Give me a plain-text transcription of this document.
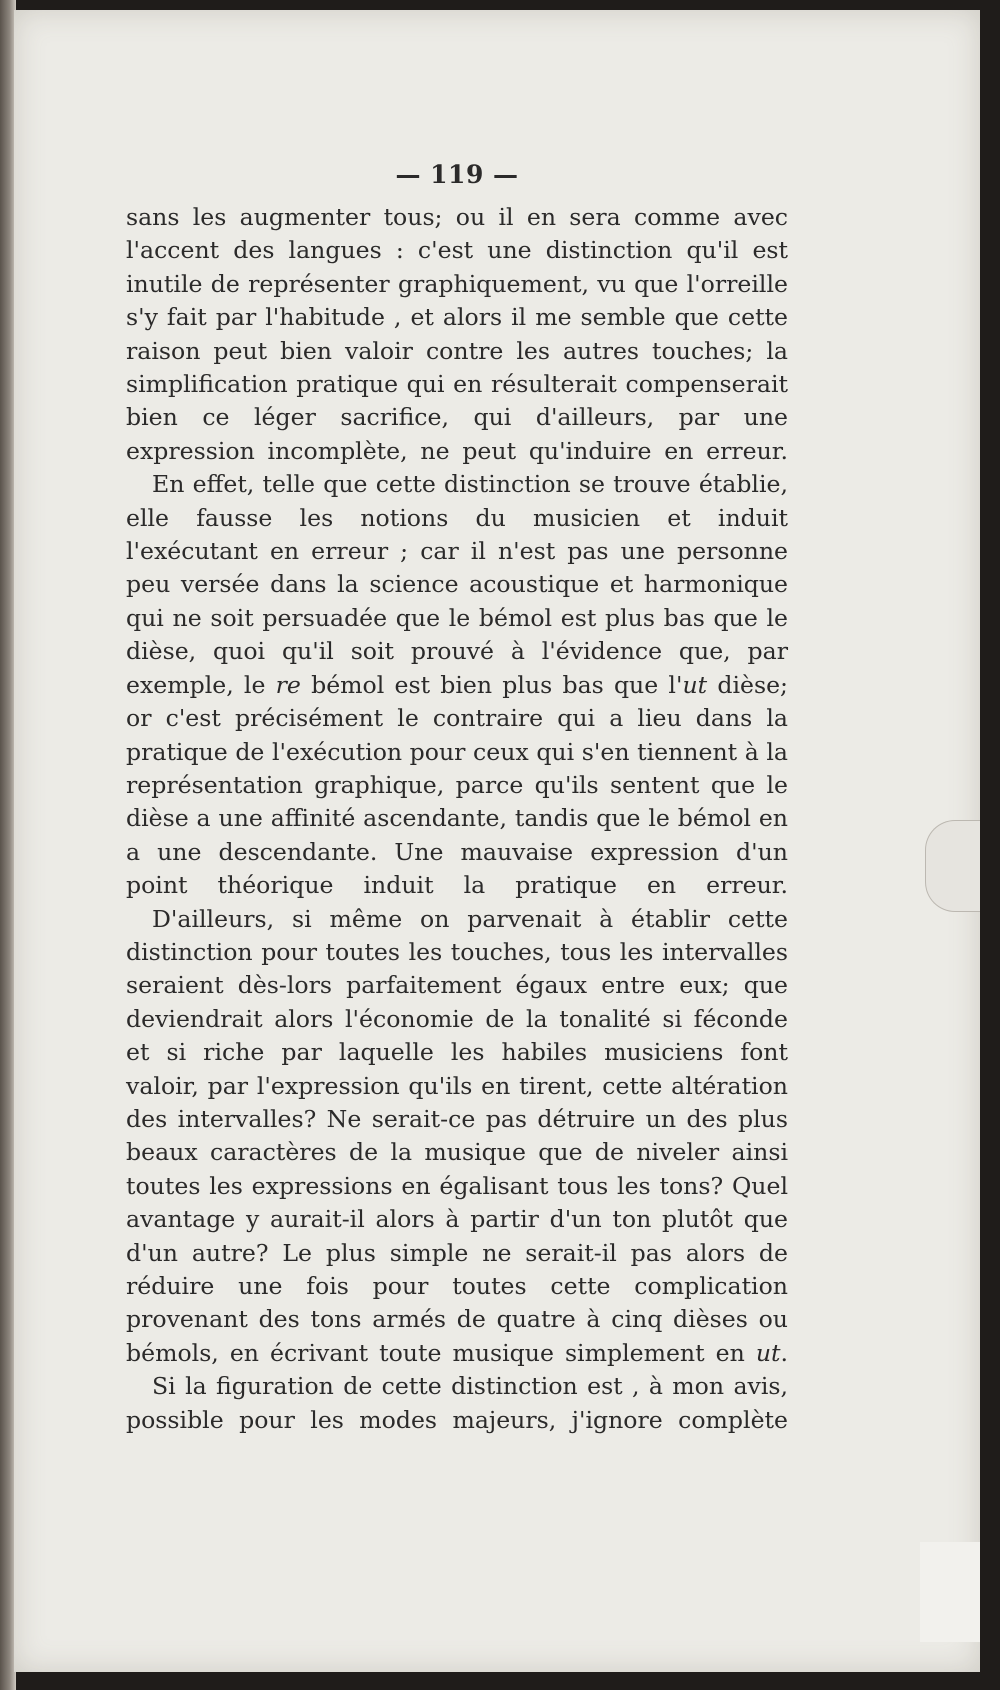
— 119 —

sans les augmenter tous; ou il en sera comme avec l'accent des langues : c'est une distinction qu'il est inutile de représenter graphiquement, vu que l'orreille s'y fait par l'habitude , et alors il me semble que cette raison peut bien valoir contre les autres touches; la simplification pratique qui en résulterait compenserait bien ce léger sacrifice, qui d'ailleurs, par une expression incomplète, ne peut qu'induire en erreur.

En effet, telle que cette distinction se trouve établie, elle fausse les notions du musicien et induit l'exécutant en erreur ; car il n'est pas une personne peu versée dans la science acoustique et harmonique qui ne soit persuadée que le bémol est plus bas que le dièse, quoi qu'il soit prouvé à l'évidence que, par exemple, le re bémol est bien plus bas que l'ut dièse; or c'est précisément le contraire qui a lieu dans la pratique de l'exécution pour ceux qui s'en tiennent à la représentation graphique, parce qu'ils sentent que le dièse a une affinité ascendante, tandis que le bémol en a une descendante. Une mauvaise expression d'un point théorique induit la pratique en erreur.

D'ailleurs, si même on parvenait à établir cette distinction pour toutes les touches, tous les intervalles seraient dès-lors parfaitement égaux entre eux; que deviendrait alors l'économie de la tonalité si féconde et si riche par laquelle les habiles musiciens font valoir, par l'expression qu'ils en tirent, cette altération des intervalles? Ne serait-ce pas détruire un des plus beaux caractères de la musique que de niveler ainsi toutes les expressions en égalisant tous les tons? Quel avantage y aurait-il alors à partir d'un ton plutôt que d'un autre? Le plus simple ne serait-il pas alors de réduire une fois pour toutes cette complication provenant des tons armés de quatre à cinq dièses ou bémols, en écrivant toute musique simplement en ut.

Si la figuration de cette distinction est , à mon avis, possible pour les modes majeurs, j'ignore complète
